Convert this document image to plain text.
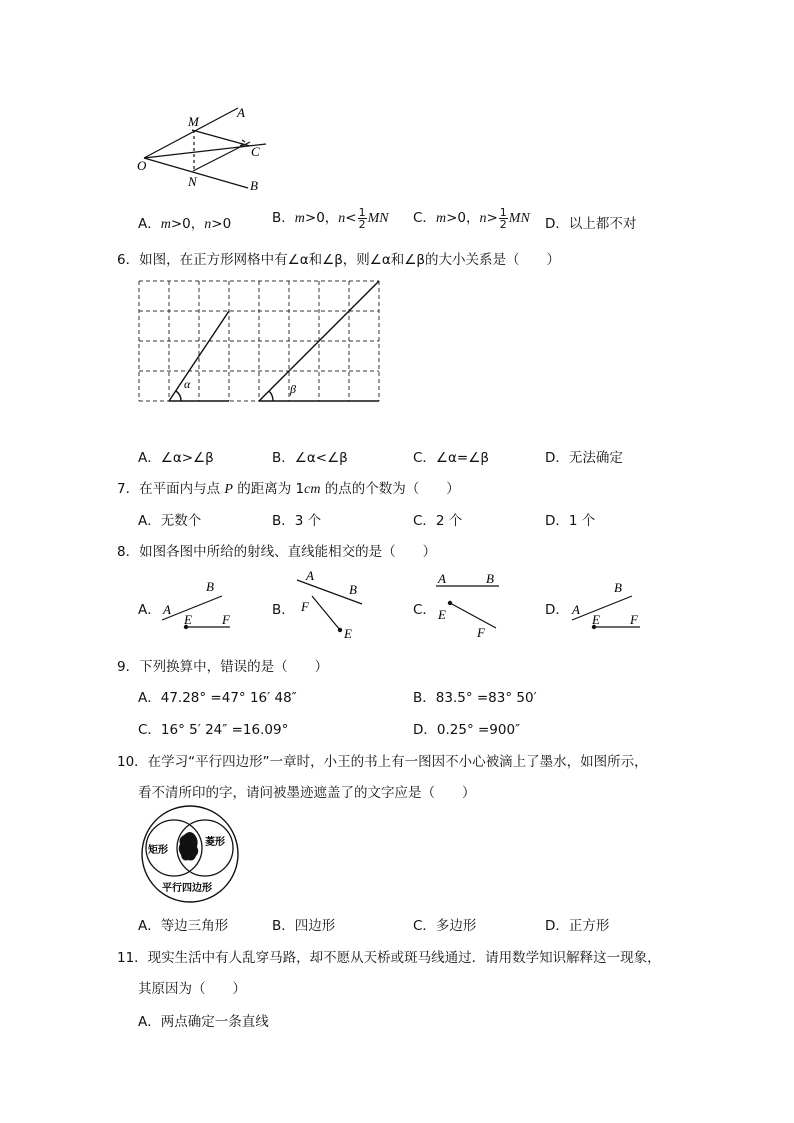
M
A
C
O
N	B
A．m>0，n>0	B．m>0，$n< \frac{1}{2}$ MN C．m>0，$n> \frac{1}{2}$ MN D．以上都不对
6．如图，在正方形网格中有∠α和∠β，则∠α和∠β的大小关系是（　　）
α	β
A．∠α>∠β	B．∠α<∠β	C．∠α=∠β	D．无法确定
7．在平面内与点 P 的距离为 1cm 的点的个数为（　　）
A．无数个	B．3 个	C．2 个	D．1 个
8．如图各图中所给的射线、直线能相交的是（　　）
A．
B
A
E F
B．
A
B
F
E
C．
A	B
E
F
D．
B
A
E F
9．下列换算中，错误的是（　　）
A．47.28° =47° 16′ 48″	B．83.5° =83° 50′
C．16° 5′ 24″ =16.09°	D．0.25° =900″
10．在学习“平行四边形”一章时，小王的书上有一图因不小心被滴上了墨水，如图所示，
看不清所印的字，请问被墨迹遮盖了的文字应是（　　）
矩形
菱形
平行四边形
A．等边三角形	B．四边形	C．多边形	D．正方形
11．现实生活中有人乱穿马路，却不愿从天桥或斑马线通过．请用数学知识解释这一现象，
其原因为（　　）
A．两点确定一条直线
